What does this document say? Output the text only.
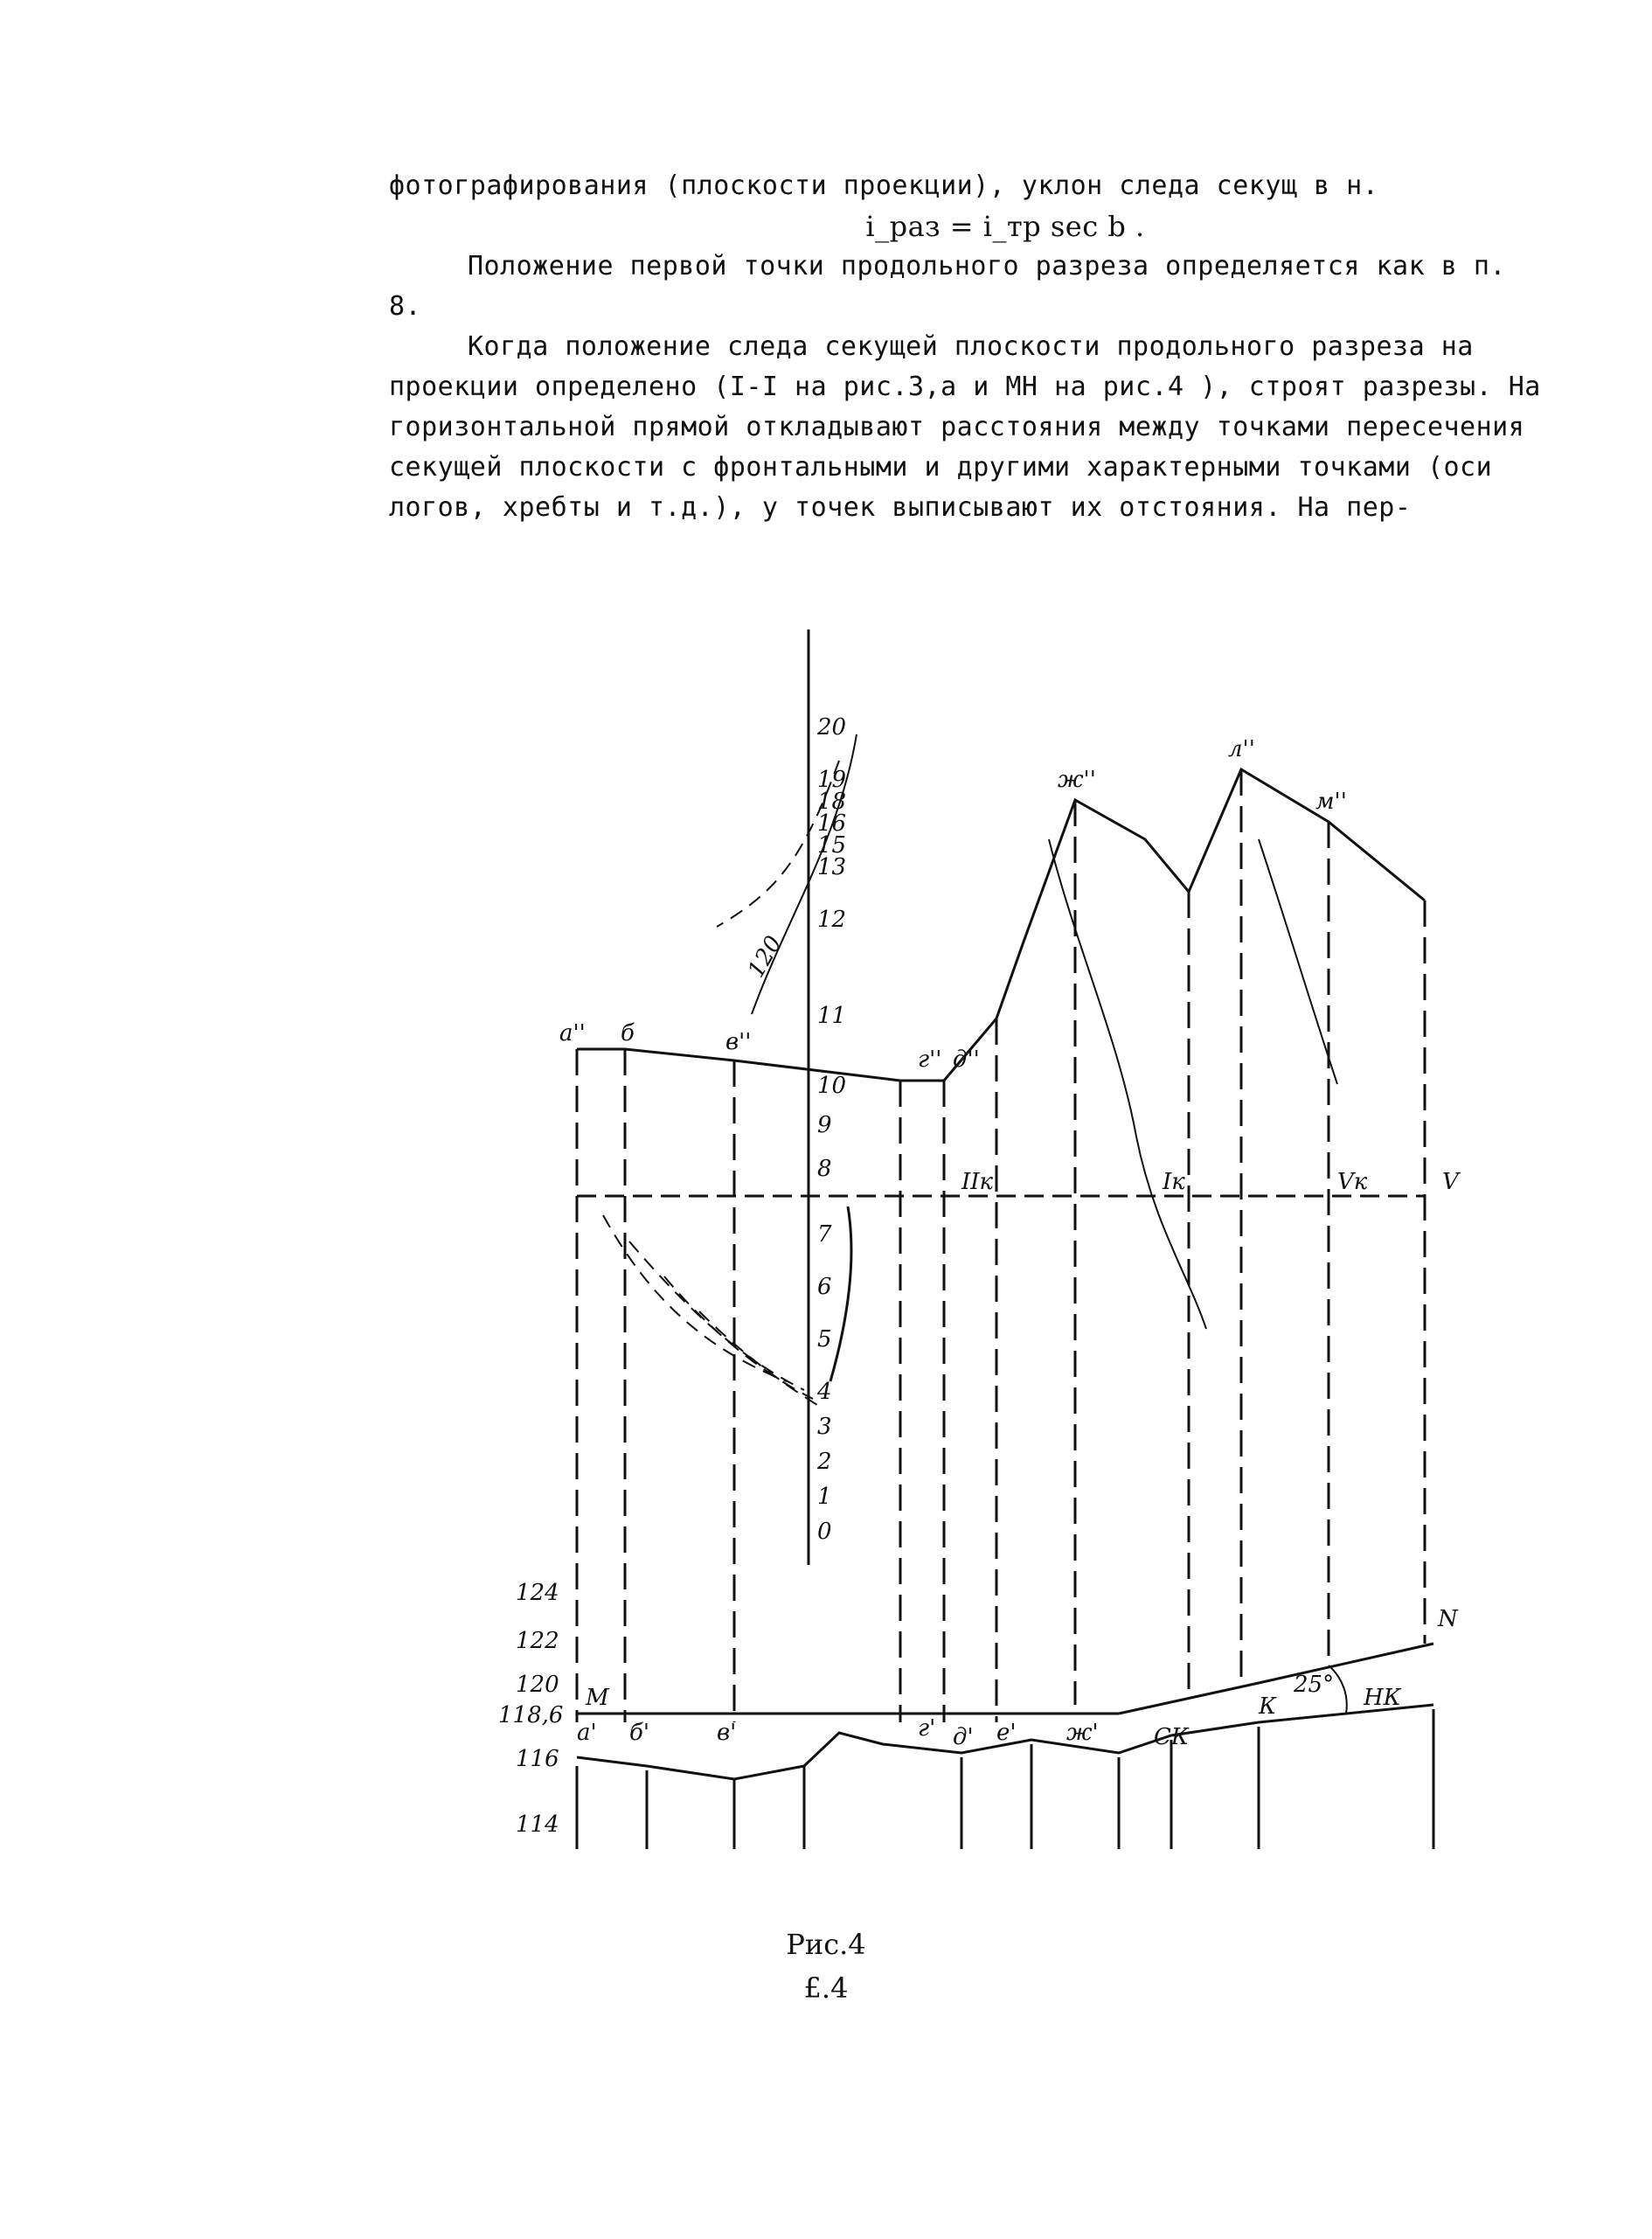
фотографирования (плоскости проекции), уклон следа секущ в н.

i_раз = i_тр sec b .

Положение первой точки продольного разреза определяется как в п. 8.

Когда положение следа секущей плоскости продольного разреза на проекции определено (I-I на рис.3,а и МН на рис.4 ), строят разрезы. На горизонтальной прямой откладывают расстояния между точками пересечения секущей плоскости с фронтальными и другими характерными точками (оси логов, хребты и т.д.), у точек выписывают их отстояния. На пер-

20
19
18
16
15
13
12
11
10
9
8
7
6
5
4
3
2
1
0
124
122
120
118,6
116
114
a'' б	в''
г'' д''
ж''
л''
м''
а' б'	в'	г' д' е' ж' СК
К	НК
М
N
IIк	Iк	Vк	V
25°
120
Рис.4
£.4
